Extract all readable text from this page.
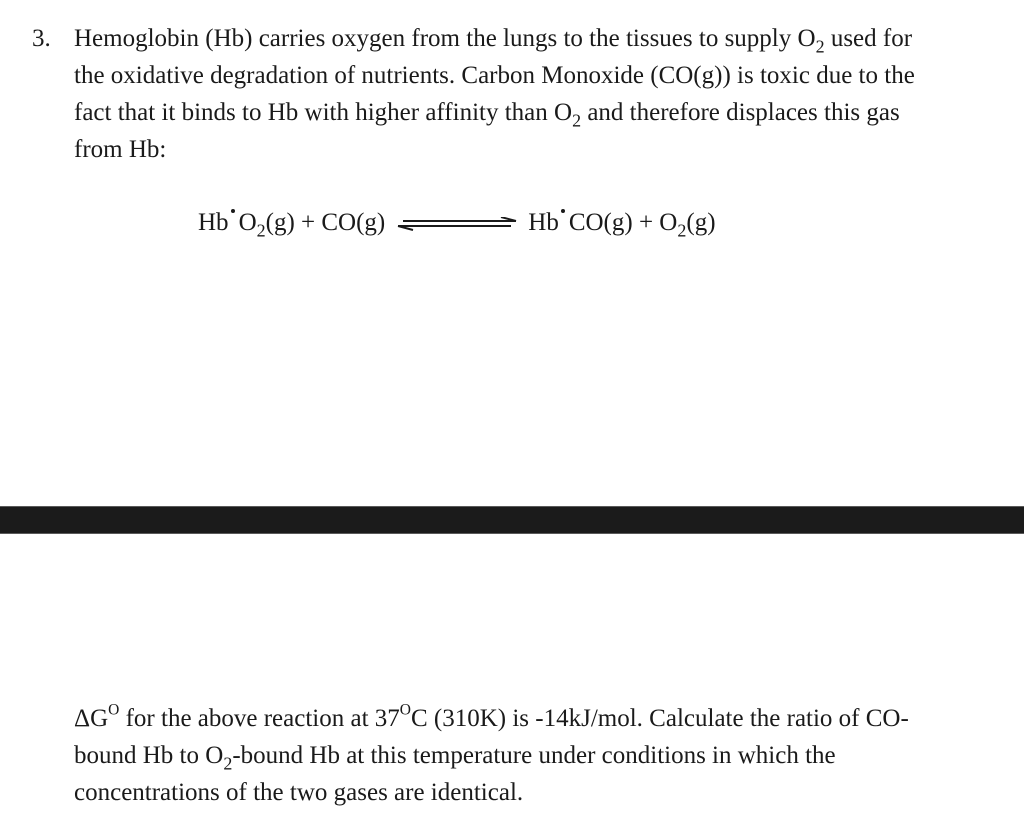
3. Hemoglobin (Hb) carries oxygen from the lungs to the tissues to supply $O_2$ used for
the oxidative degradation of nutrients. Carbon Monoxide (CO(g)) is toxic due to the
fact that it binds to Hb with higher affinity than $O_2$ and therefore displaces this gas
from Hb:
Hb $O_2(g) + CO(g)$	Hb $CO(g) + O_2(g)$
$\Delta G^O$ for the above reaction at $37^OC$ (310K) is -14kJ/mol. Calculate the ratio of CO-
bound Hb to $O_2$-bound Hb at this temperature under conditions in which the
concentrations of the two gases are identical.
